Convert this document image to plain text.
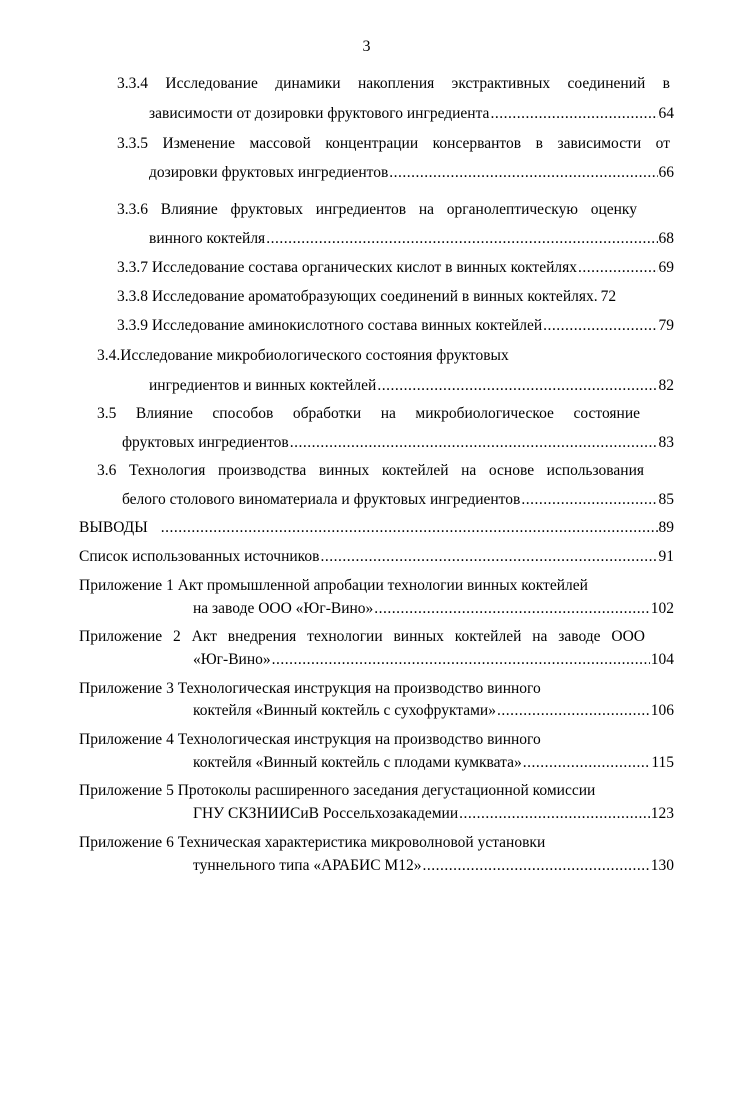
3
3.3.4 Исследование динамики накопления экстрактивных соединений в
зависимости от дозировки фруктового ингредиента .....	64
3.3.5 Изменение массовой концентрации консервантов в зависимости от
дозировки фруктовых ингредиентов .....	66
3.3.6 Влияние фруктовых ингредиентов на органолептическую оценку
винного коктейля .....	68
3.3.7 Исследование состава органических кислот в винных коктейлях .....	69
3.3.8 Исследование ароматобразующих соединений в винных коктейлях. 72
3.3.9 Исследование аминокислотного состава винных коктейлей .....	79
3.4.Исследование микробиологического состояния фруктовых
ингредиентов и винных коктейлей .....	82
3.5 Влияние способов обработки на микробиологическое состояние
фруктовых ингредиентов .....	83
3.6 Технология производства винных коктейлей на основе использования
белого столового виноматериала и фруктовых ингредиентов .....	85
ВЫВОДЫ .....	89
Список использованных источников .....	91
Приложение 1 Акт промышленной апробации технологии винных коктейлей
на заводе ООО «Юг-Вино» .....	102
Приложение 2 Акт внедрения технологии винных коктейлей на заводе ООО
«Юг-Вино» .....	104
Приложение 3 Технологическая инструкция на производство винного
коктейля «Винный коктейль с сухофруктами» .....	106
Приложение 4 Технологическая инструкция на производство винного
коктейля «Винный коктейль с плодами кумквата» .....	115
Приложение 5 Протоколы расширенного заседания дегустационной комиссии
ГНУ СКЗНИИСиВ Россельхозакадемии .....	123
Приложение 6 Техническая характеристика микроволновой установки
туннельного типа «АРАБИС М12» .....	130
